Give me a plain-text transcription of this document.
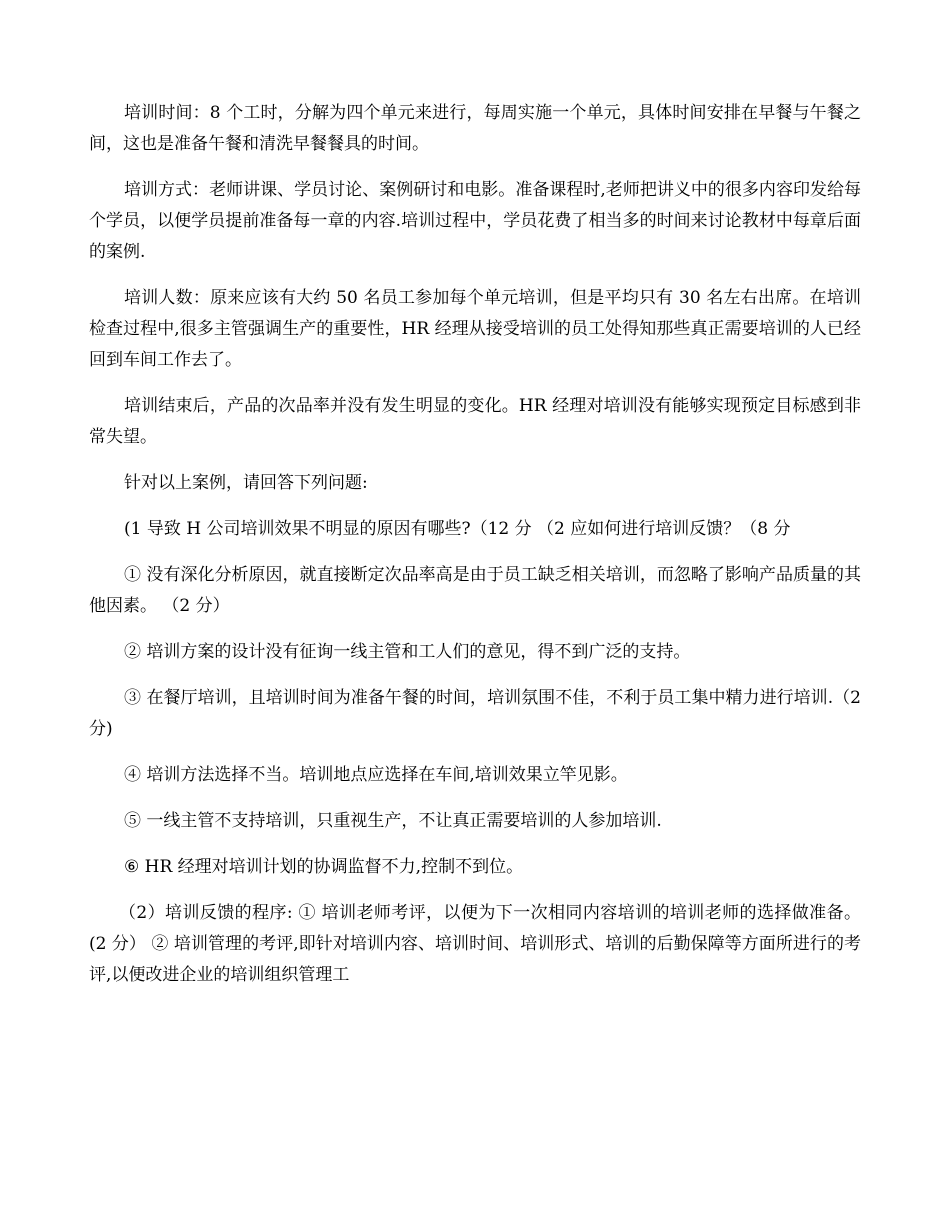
培训时间：8 个工时，分解为四个单元来进行，每周实施一个单元，具体时间安排在早餐与午餐之间，这也是准备午餐和清洗早餐餐具的时间。

培训方式：老师讲课、学员讨论、案例研讨和电影。准备课程时,老师把讲义中的很多内容印发给每个学员，以便学员提前准备每一章的内容.培训过程中，学员花费了相当多的时间来讨论教材中每章后面的案例.

培训人数：原来应该有大约 50 名员工参加每个单元培训，但是平均只有 30 名左右出席。在培训检查过程中,很多主管强调生产的重要性，HR 经理从接受培训的员工处得知那些真正需要培训的人已经回到车间工作去了。

培训结束后，产品的次品率并没有发生明显的变化。HR 经理对培训没有能够实现预定目标感到非常失望。

针对以上案例，请回答下列问题:

(1 导致 H 公司培训效果不明显的原因有哪些?（12 分 （2 应如何进行培训反馈？（8 分

① 没有深化分析原因，就直接断定次品率高是由于员工缺乏相关培训，而忽略了影响产品质量的其他因素。 （2 分）

② 培训方案的设计没有征询一线主管和工人们的意见，得不到广泛的支持。

③ 在餐厅培训，且培训时间为准备午餐的时间，培训氛围不佳，不利于员工集中精力进行培训.（2 分)

④ 培训方法选择不当。培训地点应选择在车间,培训效果立竿见影。

⑤ 一线主管不支持培训，只重视生产，不让真正需要培训的人参加培训.

⑥ HR 经理对培训计划的协调监督不力,控制不到位。

（2）培训反馈的程序: ① 培训老师考评，以便为下一次相同内容培训的培训老师的选择做准备。 (2 分） ② 培训管理的考评,即针对培训内容、培训时间、培训形式、培训的后勤保障等方面所进行的考评,以便改进企业的培训组织管理工
